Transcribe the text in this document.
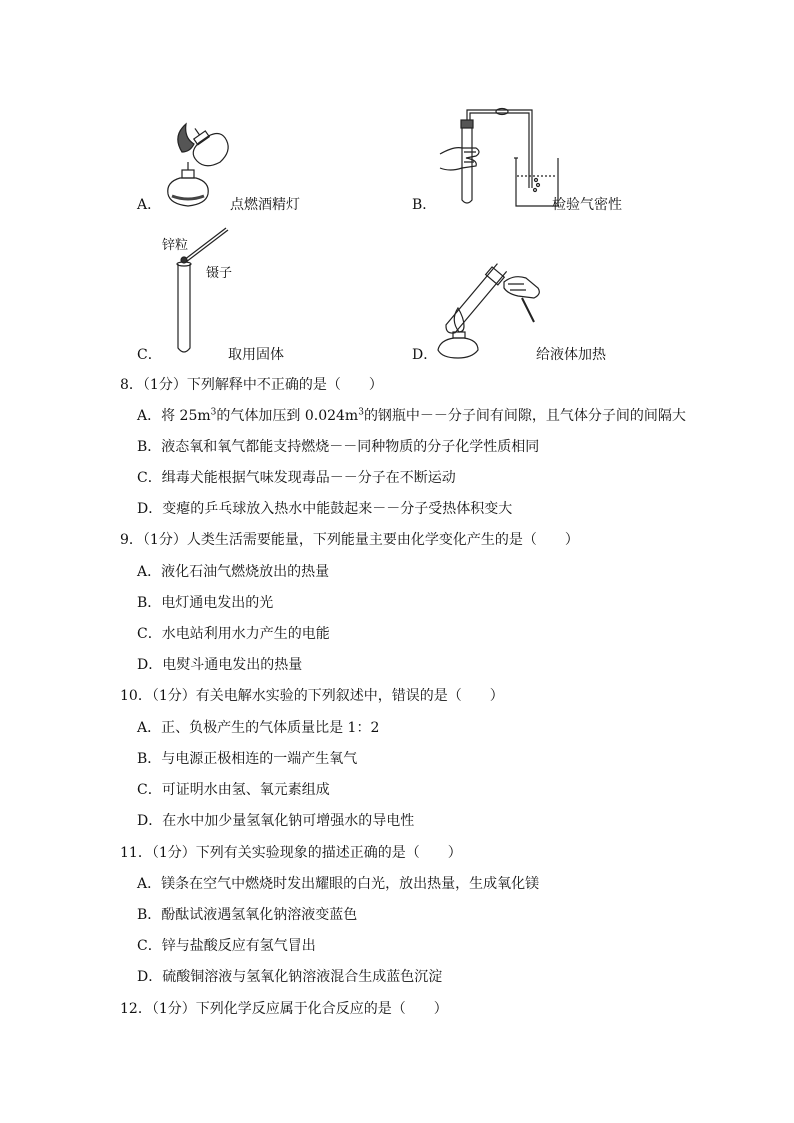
A．	点燃酒精灯	B．	检验气密性
锌粒
镊子
C．	取用固体	D．	给液体加热
8．（1分）下列解释中不正确的是（　　）
A．将 $25m^3$的气体加压到 $0.024m^3$的钢瓶中－－分子间有间隙，且气体分子间的间隔大
B．液态氧和氧气都能支持燃烧－－同种物质的分子化学性质相同
C．缉毒犬能根据气味发现毒品－－分子在不断运动
D．变瘪的乒乓球放入热水中能鼓起来－－分子受热体积变大
9．（1分）人类生活需要能量，下列能量主要由化学变化产生的是（　　）
A．液化石油气燃烧放出的热量
B．电灯通电发出的光
C．水电站利用水力产生的电能
D．电熨斗通电发出的热量
10．（1分）有关电解水实验的下列叙述中，错误的是（　　）
A．正、负极产生的气体质量比是 1：2
B．与电源正极相连的一端产生氧气
C．可证明水由氢、氧元素组成
D．在水中加少量氢氧化钠可增强水的导电性
11．（1分）下列有关实验现象的描述正确的是（　　）
A．镁条在空气中燃烧时发出耀眼的白光，放出热量，生成氧化镁
B．酚酞试液遇氢氧化钠溶液变蓝色
C．锌与盐酸反应有氢气冒出
D．硫酸铜溶液与氢氧化钠溶液混合生成蓝色沉淀
12．（1分）下列化学反应属于化合反应的是（　　）
